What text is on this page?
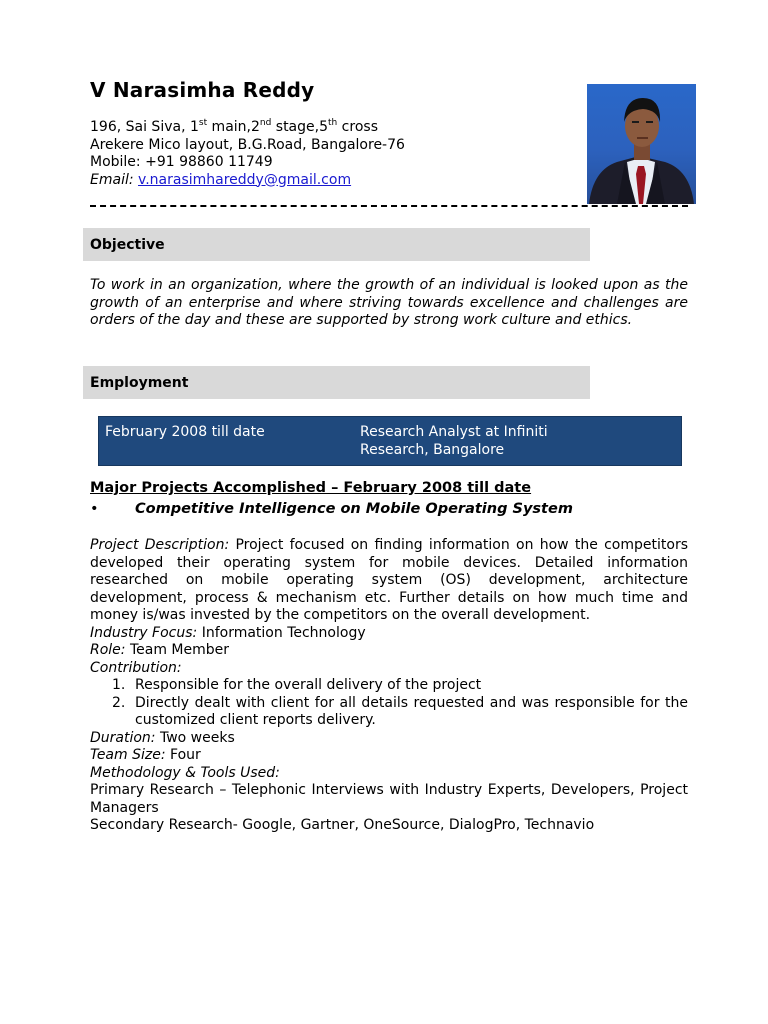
V Narasimha Reddy
196, Sai Siva, 1st main,2nd stage,5th cross
Arekere Mico layout, B.G.Road, Bangalore-76
Mobile: +91 98860 11749
Email: v.narasimhareddy@gmail.com
Objective
To work in an organization, where the growth of an individual is looked upon as the growth of an enterprise and where striving towards excellence and challenges are orders of the day and these are supported by strong work culture and ethics.
Employment
February 2008 till date	Research Analyst at Infiniti
Research, Bangalore
Major Projects Accomplished – February 2008 till date
•	Competitive Intelligence on Mobile Operating System
Project Description: Project focused on finding information on how the competitors developed their operating system for mobile devices. Detailed information researched on mobile operating system (OS) development, architecture development, process & mechanism etc. Further details on how much time and money is/was invested by the competitors on the overall development.
Industry Focus: Information Technology
Role: Team Member
Contribution:
1. Responsible for the overall delivery of the project
2. Directly dealt with client for all details requested and was responsible for the customized client reports delivery.
Duration: Two weeks
Team Size: Four
Methodology & Tools Used:
Primary Research – Telephonic Interviews with Industry Experts, Developers, Project Managers
Secondary Research- Google, Gartner, OneSource, DialogPro, Technavio
